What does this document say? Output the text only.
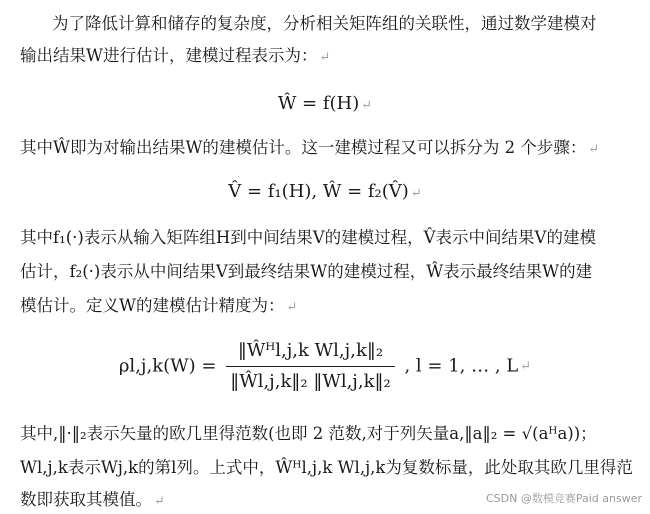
为了降低计算和储存的复杂度，分析相关矩阵组的关联性，通过数学建模对
输出结果W进行估计，建模过程表示为： ↵
Ŵ = f(H) ↵
其中Ŵ即为对输出结果W的建模估计。这一建模过程又可以拆分为 2 个步骤： ↵
V̂ = f₁(H), Ŵ = f₂(V̂) ↵
其中f₁(·)表示从输入矩阵组H到中间结果V的建模过程，V̂表示中间结果V的建模
估计，f₂(·)表示从中间结果V到最终结果W的建模过程，Ŵ表示最终结果W的建
模估计。定义W的建模估计精度为： ↵
$\rho l,j,k(W) = \frac{\text{‖Ŵᴴl,j,k Wl,j,k‖₂}}{\text{‖Ŵl,j,k‖₂ ‖Wl,j,k‖₂}}$ , l = 1, … , L ↵
其中,‖·‖₂表示矢量的欧几里得范数(也即 2 范数,对于列矢量a,‖a‖₂ = √(aᴴa))；
Wl,j,k表示Wj,k的第l列。上式中，Ŵᴴl,j,k Wl,j,k为复数标量，此处取其欧几里得范
数即获取其模值。 ↵	CSDN @数模竞赛Paid answer
